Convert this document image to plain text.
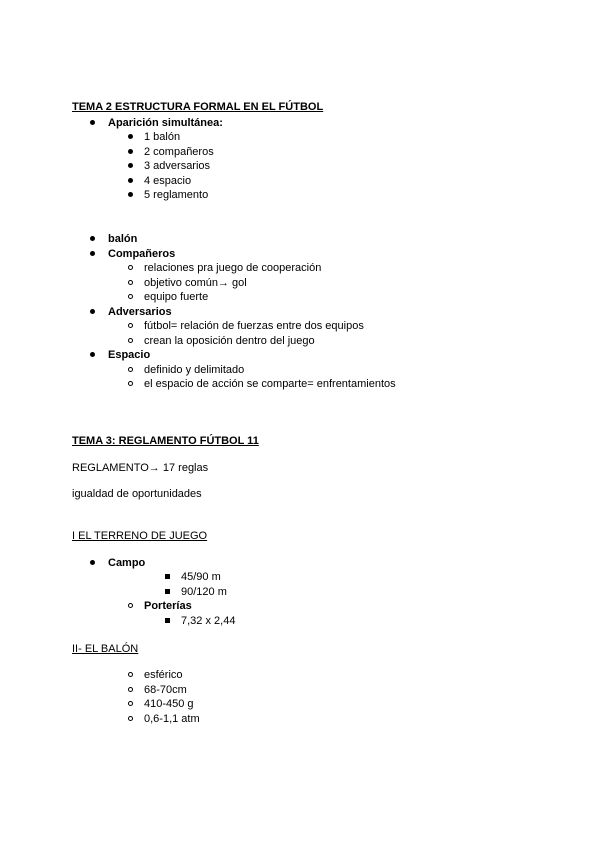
TEMA 2 ESTRUCTURA FORMAL EN EL FÚTBOL
Aparición simultánea:
1 balón
2 compañeros
3 adversarios
4 espacio
5 reglamento
balón
Compañeros
relaciones pra juego de cooperación
objetivo común→ gol
equipo fuerte
Adversarios
fútbol= relación de fuerzas entre dos equipos
crean la oposición dentro del juego
Espacio
definido y delimitado
el espacio de acción se comparte= enfrentamientos
TEMA 3: REGLAMENTO FÚTBOL 11
REGLAMENTO→ 17 reglas
igualdad de oportunidades
I EL TERRENO DE JUEGO
Campo
45/90 m
90/120 m
Porterías
7,32 x 2,44
II- EL BALÓN
esférico
68-70cm
410-450 g
0,6-1,1 atm
